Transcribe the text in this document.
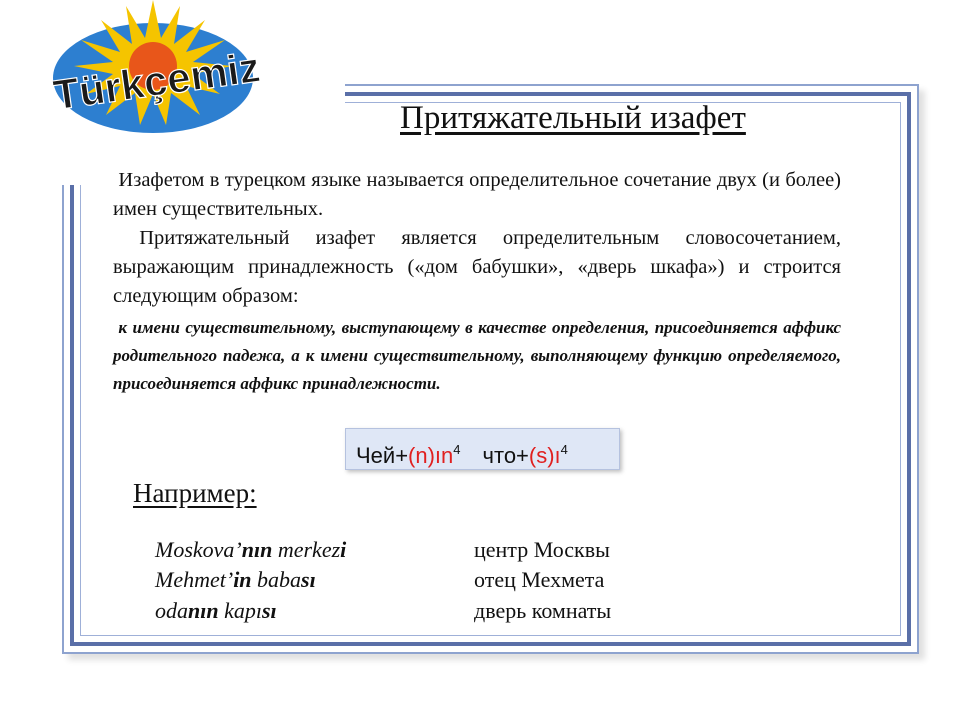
Türkçemiz	Притяжательный изафет
Изафетом в турецком языке называется определительное сочетание двух (и более) имен существительных.
Притяжательный изафет является определительным словосочетанием, выражающим принадлежность («дом бабушки», «дверь шкафа») и строится следующим образом:
к имени существительному, выступающему в качестве определения, присоединяется аффикс родительного падежа, а к имени существительному, выполняющему функцию определяемого, присоединяется аффикс принадлежности.
$Чей+(n)ın^4$ $что+(s)ı^4$
Например:
Moskova’nın merkezi	центр Москвы
Mehmet’in babası	отец Мехмета
odanın kapısı	дверь комнаты
